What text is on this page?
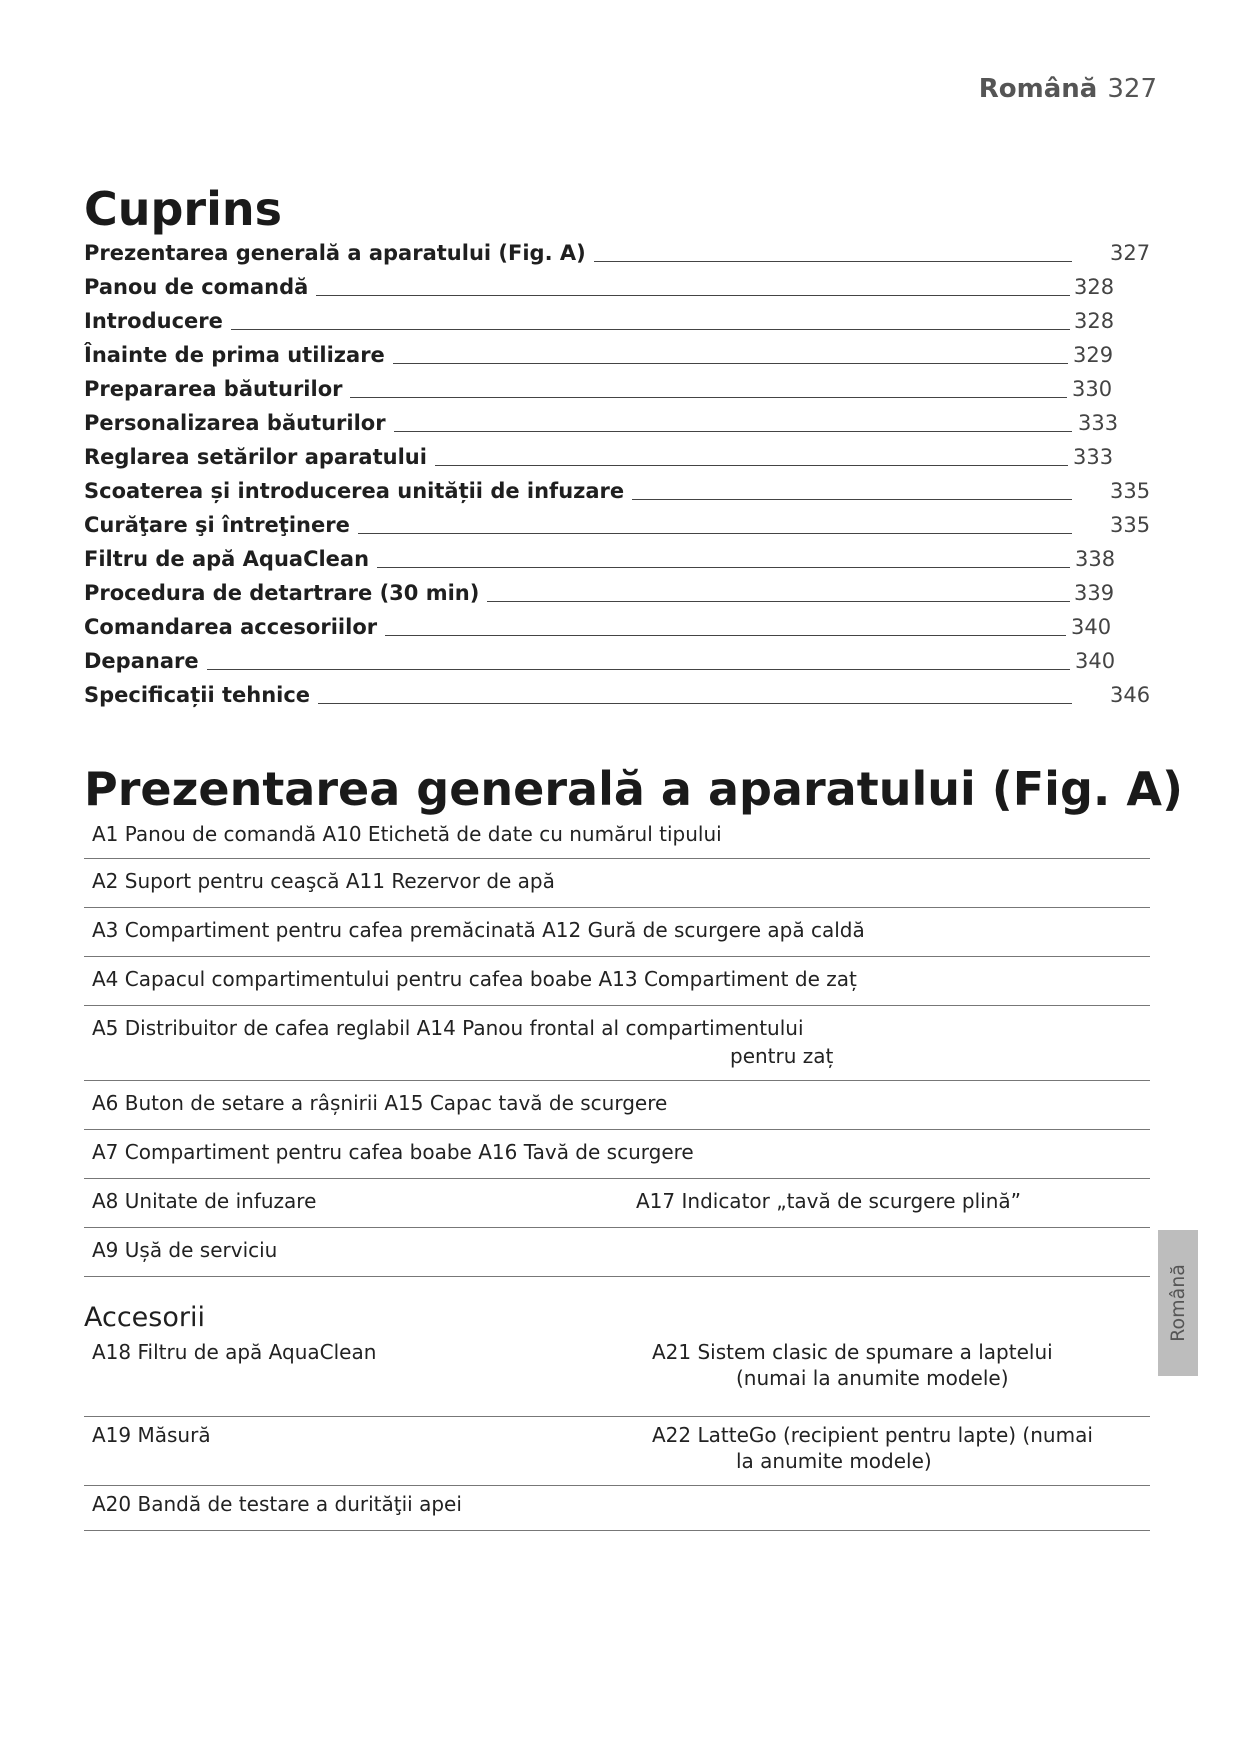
Română 327
Cuprins
Prezentarea generală a aparatului (Fig. A)	327
Panou de comandă	328
Introducere	328
Înainte de prima utilizare	329
Prepararea băuturilor	330
Personalizarea băuturilor	333
Reglarea setărilor aparatului	333
Scoaterea și introducerea unității de infuzare	335
Curăţare şi întreţinere	335
Filtru de apă AquaClean	338
Procedura de detartrare (30 min)	339
Comandarea accesoriilor	340
Depanare	340
Specificații tehnice	346
Prezentarea generală a aparatului (Fig. A)
A1 Panou de comandă A10 Etichetă de date cu numărul tipului
A2 Suport pentru ceaşcă A11 Rezervor de apă
A3 Compartiment pentru cafea premăcinată A12 Gură de scurgere apă caldă
A4 Capacul compartimentului pentru cafea boabe A13 Compartiment de zaț
A5 Distribuitor de cafea reglabil A14 Panou frontal al compartimentului
pentru zaț
A6 Buton de setare a râșnirii A15 Capac tavă de scurgere
A7 Compartiment pentru cafea boabe A16 Tavă de scurgere
A8 Unitate de infuzare	A17 Indicator „tavă de scurgere plină”
A9 Ușă de serviciu
Accesorii
A18 Filtru de apă AquaClean	A21 Sistem clasic de spumare a laptelui
(numai la anumite modele)
A19 Măsură	A22 LatteGo (recipient pentru lapte) (numai
la anumite modele)
A20 Bandă de testare a durităţii apei
Română
